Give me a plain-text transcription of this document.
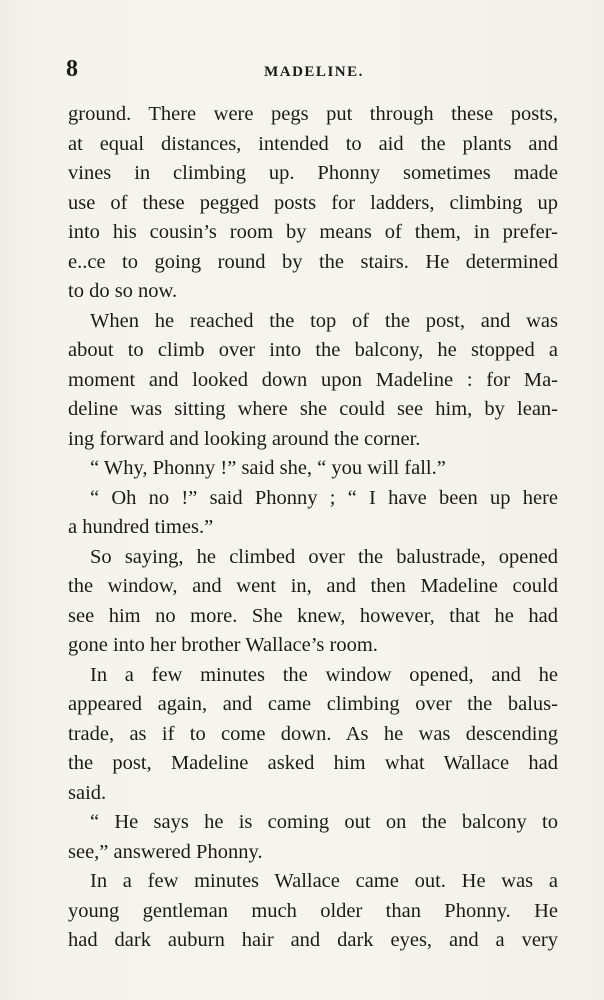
8	MADELINE.
ground. There were pegs put through these posts,
at equal distances, intended to aid the plants and
vines in climbing up. Phonny sometimes made
use of these pegged posts for ladders, climbing up
into his cousin’s room by means of them, in prefer-
e..ce to going round by the stairs. He determined
to do so now.
When he reached the top of the post, and was
about to climb over into the balcony, he stopped a
moment and looked down upon Madeline : for Ma-
deline was sitting where she could see him, by lean-
ing forward and looking around the corner.
“ Why, Phonny !” said she, “ you will fall.”
“ Oh no !” said Phonny ; “ I have been up here
a hundred times.”
So saying, he climbed over the balustrade, opened
the window, and went in, and then Madeline could
see him no more. She knew, however, that he had
gone into her brother Wallace’s room.
In a few minutes the window opened, and he
appeared again, and came climbing over the balus-
trade, as if to come down. As he was descending
the post, Madeline asked him what Wallace had
said.
“ He says he is coming out on the balcony to
see,” answered Phonny.
In a few minutes Wallace came out. He was a
young gentleman much older than Phonny. He
had dark auburn hair and dark eyes, and a very
